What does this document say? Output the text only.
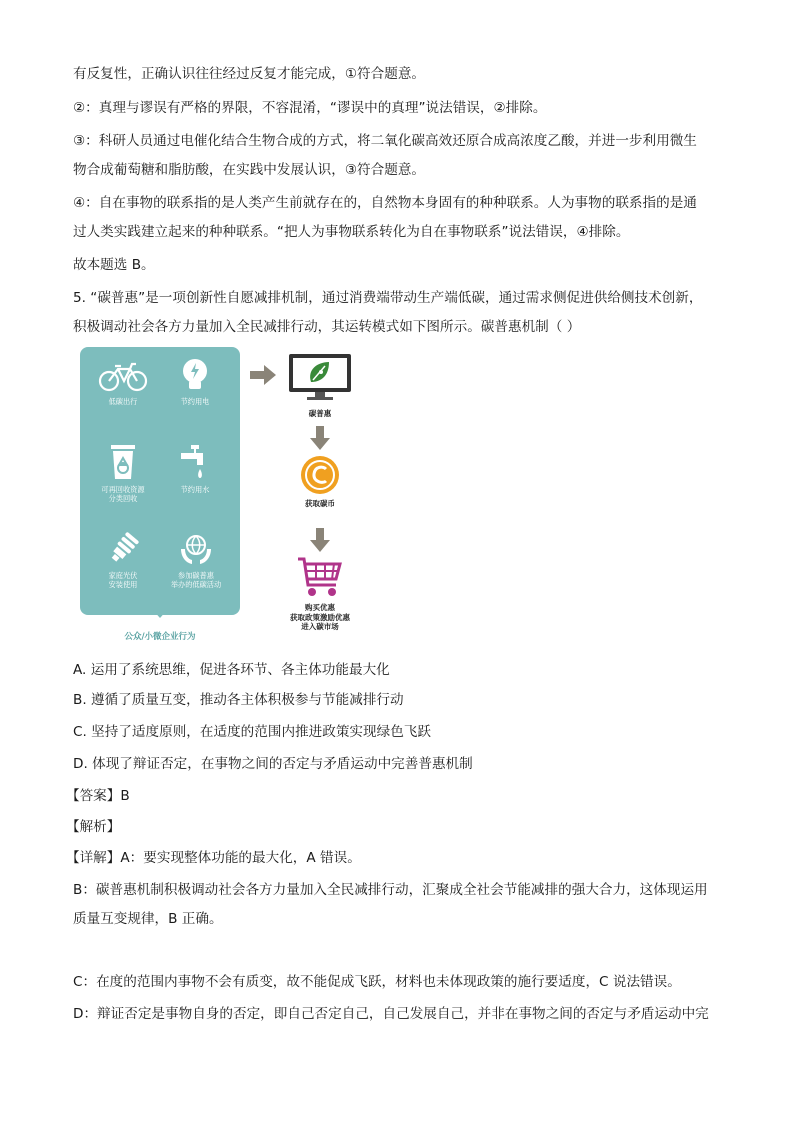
有反复性，正确认识往往经过反复才能完成，①符合题意。
②：真理与谬误有严格的界限，不容混淆，“谬误中的真理”说法错误，②排除。
③：科研人员通过电催化结合生物合成的方式，将二氧化碳高效还原合成高浓度乙酸，并进一步利用微生
物合成葡萄糖和脂肪酸，在实践中发展认识，③符合题意。
④：自在事物的联系指的是人类产生前就存在的，自然物本身固有的种种联系。人为事物的联系指的是通
过人类实践建立起来的种种联系。“把人为事物联系转化为自在事物联系”说法错误，④排除。
故本题选 B。
5. “碳普惠”是一项创新性自愿减排机制，通过消费端带动生产端低碳，通过需求侧促进供给侧技术创新，
积极调动社会各方力量加入全民减排行动，其运转模式如下图所示。碳普惠机制（ ）
低碳出行	节约用电
可再回收资源
分类回收
节约用水
家庭光伏
安装使用
参加碳普惠
举办的低碳活动
公众/小微企业行为
碳普惠
获取碳币
购买优惠
获取政策激励优惠
进入碳市场
A. 运用了系统思维，促进各环节、各主体功能最大化
B. 遵循了质量互变，推动各主体积极参与节能减排行动
C. 坚持了适度原则，在适度的范围内推进政策实现绿色飞跃
D. 体现了辩证否定，在事物之间的否定与矛盾运动中完善普惠机制
【答案】B
【解析】
【详解】A：要实现整体功能的最大化，A 错误。
B：碳普惠机制积极调动社会各方力量加入全民减排行动，汇聚成全社会节能减排的强大合力，这体现运用
质量互变规律，B 正确。
C：在度的范围内事物不会有质变，故不能促成飞跃，材料也未体现政策的施行要适度，C 说法错误。
D：辩证否定是事物自身的否定，即自己否定自己，自己发展自己，并非在事物之间的否定与矛盾运动中完
